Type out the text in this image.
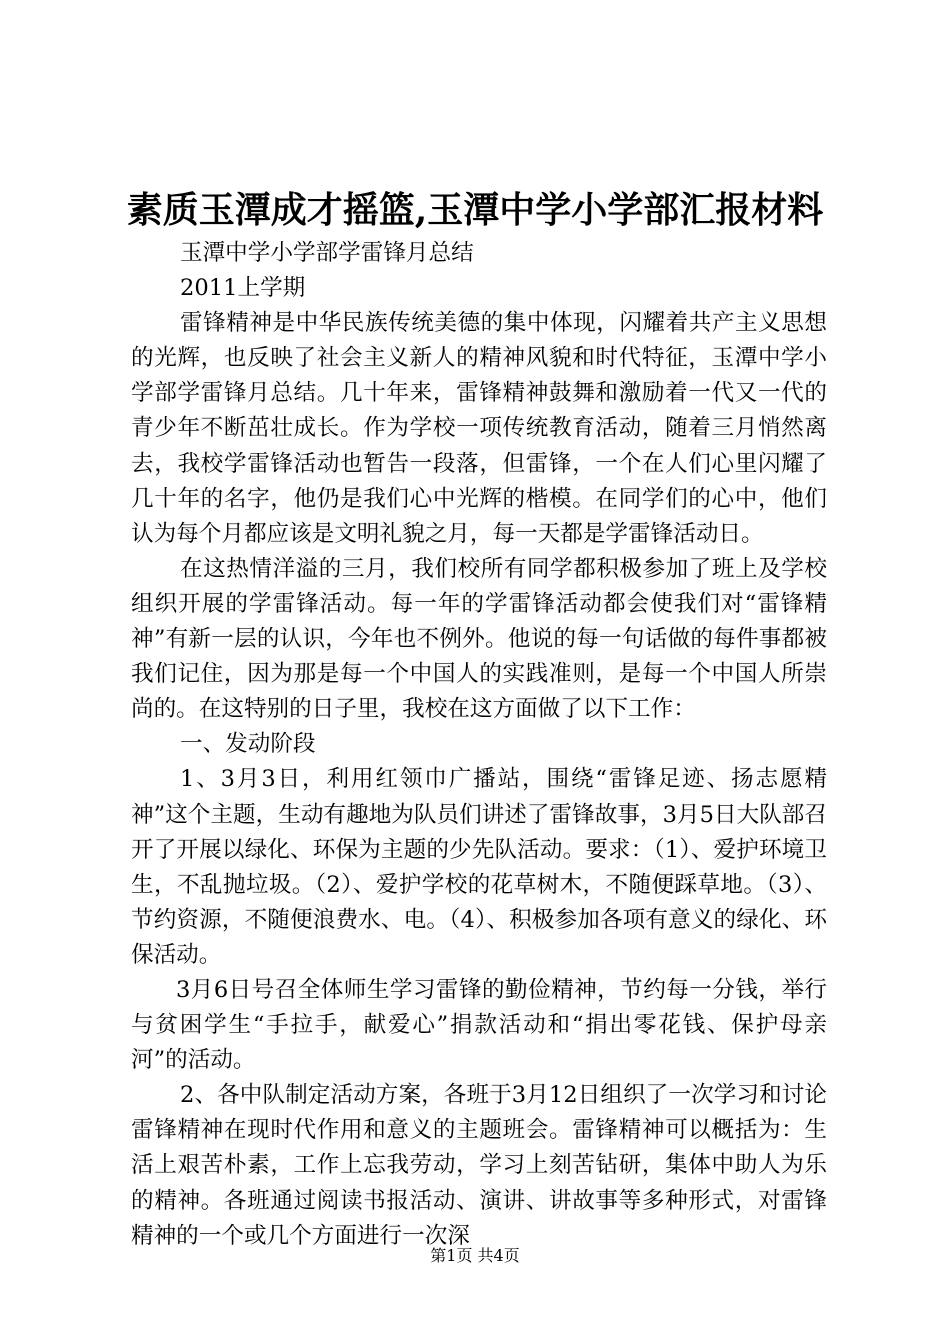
素质玉潭成才摇篮,玉潭中学小学部汇报材料

玉潭中学小学部学雷锋月总结

2011上学期

雷锋精神是中华民族传统美德的集中体现，闪耀着共产主义思想的光辉，也反映了社会主义新人的精神风貌和时代特征，玉潭中学小学部学雷锋月总结。几十年来，雷锋精神鼓舞和激励着一代又一代的青少年不断茁壮成长。作为学校一项传统教育活动，随着三月悄然离去，我校学雷锋活动也暂告一段落，但雷锋，一个在人们心里闪耀了几十年的名字，他仍是我们心中光辉的楷模。在同学们的心中，他们认为每个月都应该是文明礼貌之月，每一天都是学雷锋活动日。

在这热情洋溢的三月，我们校所有同学都积极参加了班上及学校组织开展的学雷锋活动。每一年的学雷锋活动都会使我们对“雷锋精神”有新一层的认识，今年也不例外。他说的每一句话做的每件事都被我们记住，因为那是每一个中国人的实践准则，是每一个中国人所崇尚的。在这特别的日子里，我校在这方面做了以下工作：

一、发动阶段

1、3月3日，利用红领巾广播站，围绕“雷锋足迹、扬志愿精神”这个主题，生动有趣地为队员们讲述了雷锋故事，3月5日大队部召开了开展以绿化、环保为主题的少先队活动。要求：（1）、爱护环境卫生，不乱抛垃圾。（2）、爱护学校的花草树木，不随便踩草地。（3）、节约资源，不随便浪费水、电。（4）、积极参加各项有意义的绿化、环保活动。

3月6日号召全体师生学习雷锋的勤俭精神，节约每一分钱，举行与贫困学生“手拉手，献爱心”捐款活动和“捐出零花钱、保护母亲河”的活动。

2、各中队制定活动方案，各班于3月12日组织了一次学习和讨论雷锋精神在现时代作用和意义的主题班会。雷锋精神可以概括为：生活上艰苦朴素，工作上忘我劳动，学习上刻苦钻研，集体中助人为乐的精神。各班通过阅读书报活动、演讲、讲故事等多种形式，对雷锋精神的一个或几个方面进行一次深

第1页 共4页
